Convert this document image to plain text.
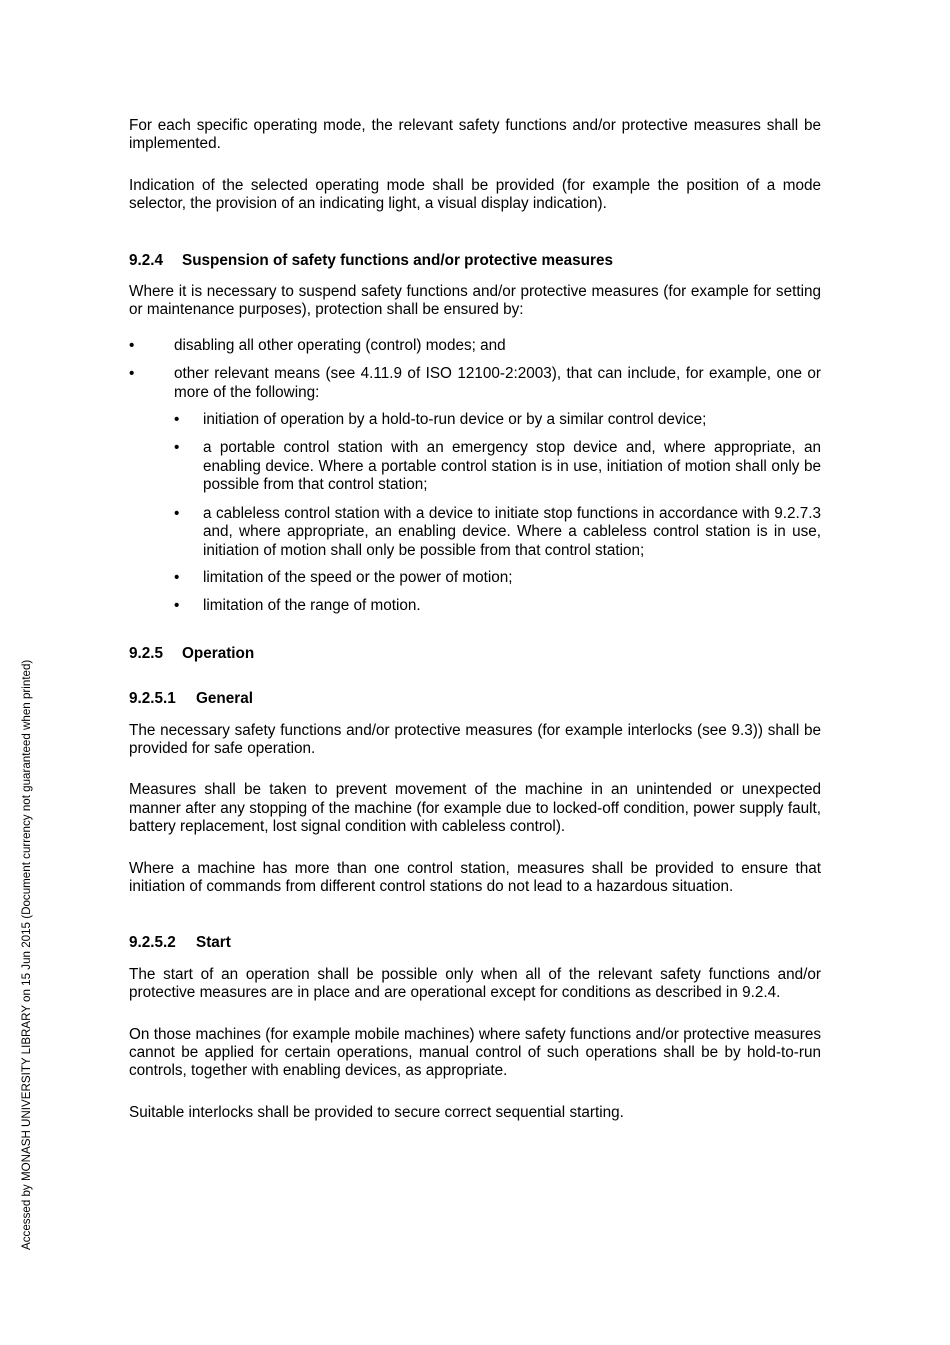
For each specific operating mode, the relevant safety functions and/or protective measures shall be implemented.

Indication of the selected operating mode shall be provided (for example the position of a mode selector, the provision of an indicating light, a visual display indication).

9.2.4 Suspension of safety functions and/or protective measures

Where it is necessary to suspend safety functions and/or protective measures (for example for setting or maintenance purposes), protection shall be ensured by:

•	disabling all other operating (control) modes; and
•	other relevant means (see 4.11.9 of ISO 12100-2:2003), that can include, for example, one or more of the following:
• initiation of operation by a hold-to-run device or by a similar control device;
• a portable control station with an emergency stop device and, where appropriate, an enabling device. Where a portable control station is in use, initiation of motion shall only be possible from that control station;
• a cableless control station with a device to initiate stop functions in accordance with 9.2.7.3 and, where appropriate, an enabling device. Where a cableless control station is in use, initiation of motion shall only be possible from that control station;
• limitation of the speed or the power of motion;
• limitation of the range of motion.
9.2.5 Operation
9.2.5.1 General

The necessary safety functions and/or protective measures (for example interlocks (see 9.3)) shall be provided for safe operation.

Measures shall be taken to prevent movement of the machine in an unintended or unexpected manner after any stopping of the machine (for example due to locked-off condition, power supply fault, battery replacement, lost signal condition with cableless control).

Where a machine has more than one control station, measures shall be provided to ensure that initiation of commands from different control stations do not lead to a hazardous situation.

9.2.5.2 Start

The start of an operation shall be possible only when all of the relevant safety functions and/or protective measures are in place and are operational except for conditions as described in 9.2.4.

On those machines (for example mobile machines) where safety functions and/or protective measures cannot be applied for certain operations, manual control of such operations shall be by hold-to-run controls, together with enabling devices, as appropriate.

Suitable interlocks shall be provided to secure correct sequential starting.

Accessed by MONASH UNIVERSITY LIBRARY on 15 Jun 2015 (Document currency not guaranteed when printed)
